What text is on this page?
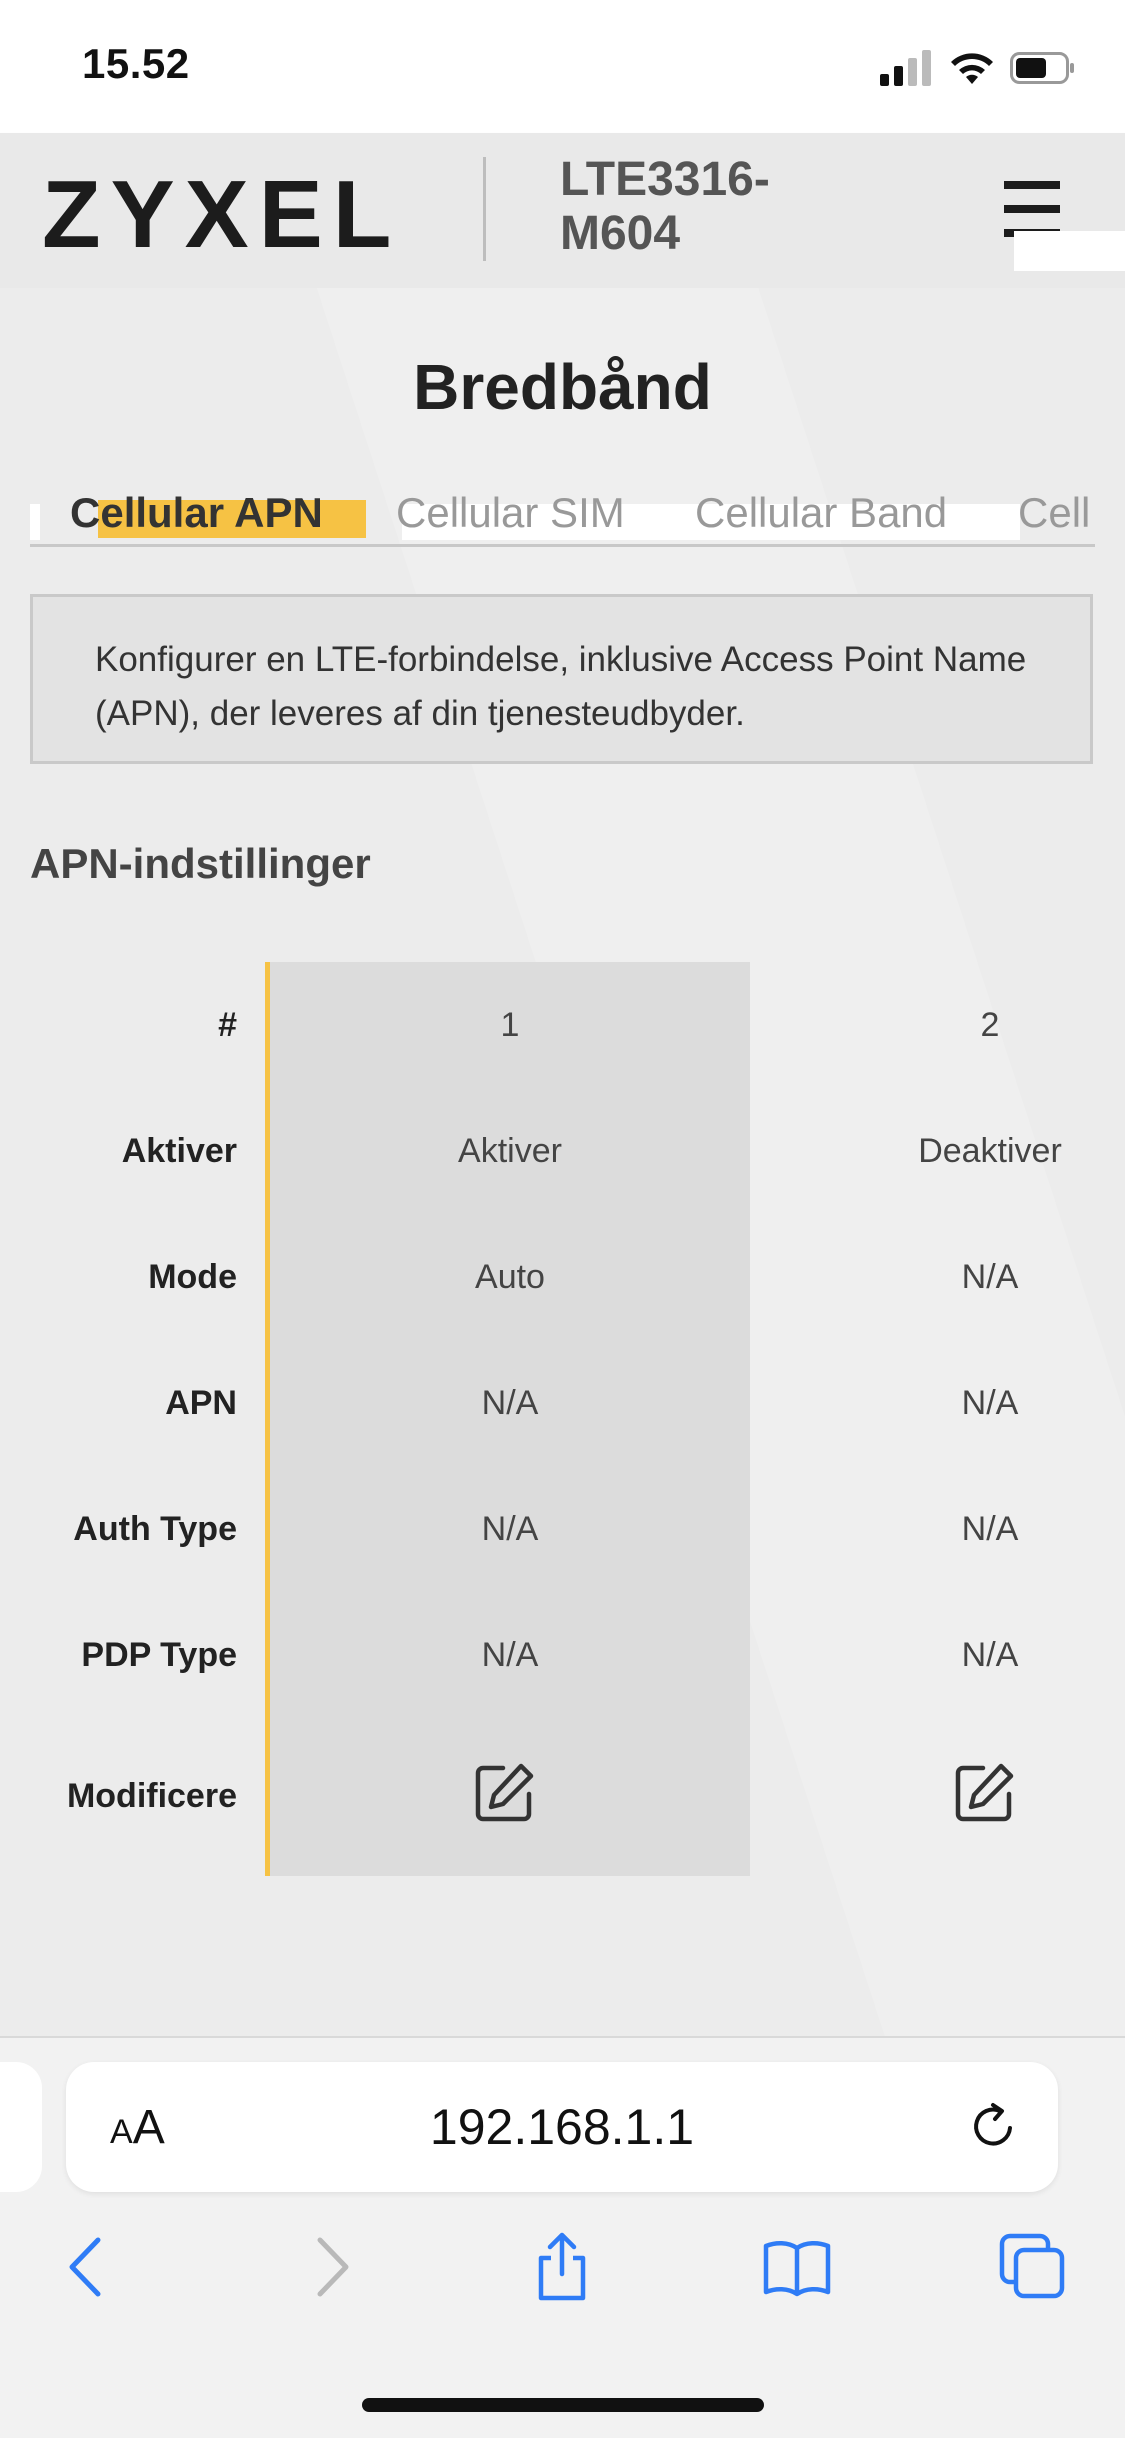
15.52
ZYXEL	LTE3316-M604
Bredbånd
Cellular APN Cellular SIM Cellular Band Cell
Konfigurer en LTE-forbindelse, inklusive Access Point Name (APN), der leveres af din tjenesteudbyder.
APN-indstillinger
#
Aktiver
Mode
APN
Auth Type
PDP Type
Modificere
1
Aktiver
Auto
N/A
N/A
N/A
2
Deaktiver
N/A
N/A
N/A
N/A
AA	192.168.1.1
